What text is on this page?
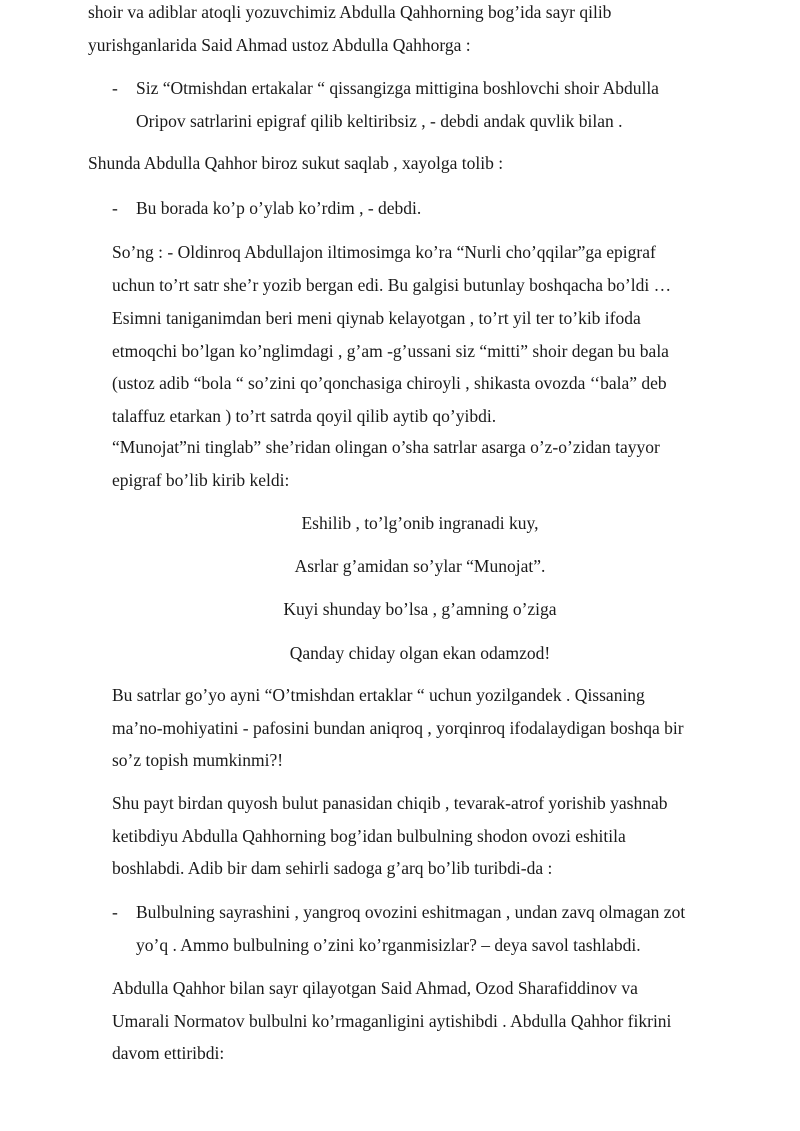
shoir va adiblar atoqli yozuvchimiz Abdulla Qahhorning bog’ida sayr qilib
yurishganlarida Said Ahmad ustoz Abdulla Qahhorga :
- Siz “Otmishdan ertakalar “ qissangizga mittigina boshlovchi shoir Abdulla
Oripov satrlarini epigraf qilib keltiribsiz , - debdi andak quvlik bilan .
Shunda Abdulla Qahhor biroz sukut saqlab , xayolga tolib :
- Bu borada ko’p o’ylab ko’rdim , - debdi.
So’ng : - Oldinroq Abdullajon iltimosimga ko’ra “Nurli cho’qqilar”ga epigraf
uchun to’rt satr she’r yozib bergan edi. Bu galgisi butunlay boshqacha bo’ldi …
Esimni taniganimdan beri meni qiynab kelayotgan , to’rt yil ter to’kib ifoda
etmoqchi bo’lgan ko’nglimdagi , g’am -g’ussani siz “mitti” shoir degan bu bala
(ustoz adib “bola “ so’zini qo’qonchasiga chiroyli , shikasta ovozda ‘‘bala” deb
talaffuz etarkan ) to’rt satrda qoyil qilib aytib qo’yibdi.
“Munojat”ni tinglab” she’ridan olingan o’sha satrlar asarga o’z-o’zidan tayyor
epigraf bo’lib kirib keldi:
Eshilib , to’lg’onib ingranadi kuy,
Asrlar g’amidan so’ylar “Munojat”.
Kuyi shunday bo’lsa , g’amning o’ziga
Qanday chiday olgan ekan odamzod!
Bu satrlar go’yo ayni “O’tmishdan ertaklar “ uchun yozilgandek . Qissaning
ma’no-mohiyatini - pafosini bundan aniqroq , yorqinroq ifodalaydigan boshqa bir
so’z topish mumkinmi?!
Shu payt birdan quyosh bulut panasidan chiqib , tevarak-atrof yorishib yashnab
ketibdiyu Abdulla Qahhorning bog’idan bulbulning shodon ovozi eshitila
boshlabdi. Adib bir dam sehirli sadoga g’arq bo’lib turibdi-da :
- Bulbulning sayrashini , yangroq ovozini eshitmagan , undan zavq olmagan zot
yo’q . Ammo bulbulning o’zini ko’rganmisizlar? – deya savol tashlabdi.
Abdulla Qahhor bilan sayr qilayotgan Said Ahmad, Ozod Sharafiddinov va
Umarali Normatov bulbulni ko’rmaganligini aytishibdi . Abdulla Qahhor fikrini
davom ettiribdi:
